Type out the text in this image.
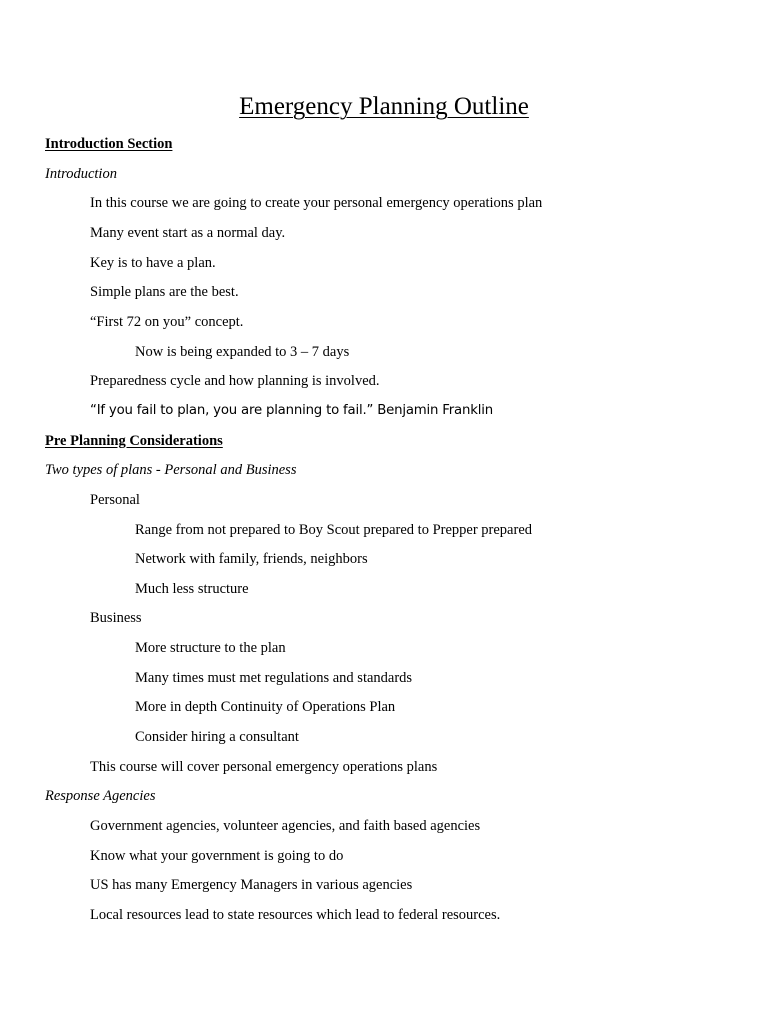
Emergency Planning Outline
Introduction Section
Introduction
In this course we are going to create your personal emergency operations plan
Many event start as a normal day.
Key is to have a plan.
Simple plans are the best.
“First 72 on you” concept.
Now is being expanded to 3 – 7 days
Preparedness cycle and how planning is involved.
“If you fail to plan, you are planning to fail.” Benjamin Franklin
Pre Planning Considerations
Two types of plans - Personal and Business
Personal
Range from not prepared to Boy Scout prepared to Prepper prepared
Network with family, friends, neighbors
Much less structure
Business
More structure to the plan
Many times must met regulations and standards
More in depth Continuity of Operations Plan
Consider hiring a consultant
This course will cover personal emergency operations plans
Response Agencies
Government agencies, volunteer agencies, and faith based agencies
Know what your government is going to do
US has many Emergency Managers in various agencies
Local resources lead to state resources which lead to federal resources.
